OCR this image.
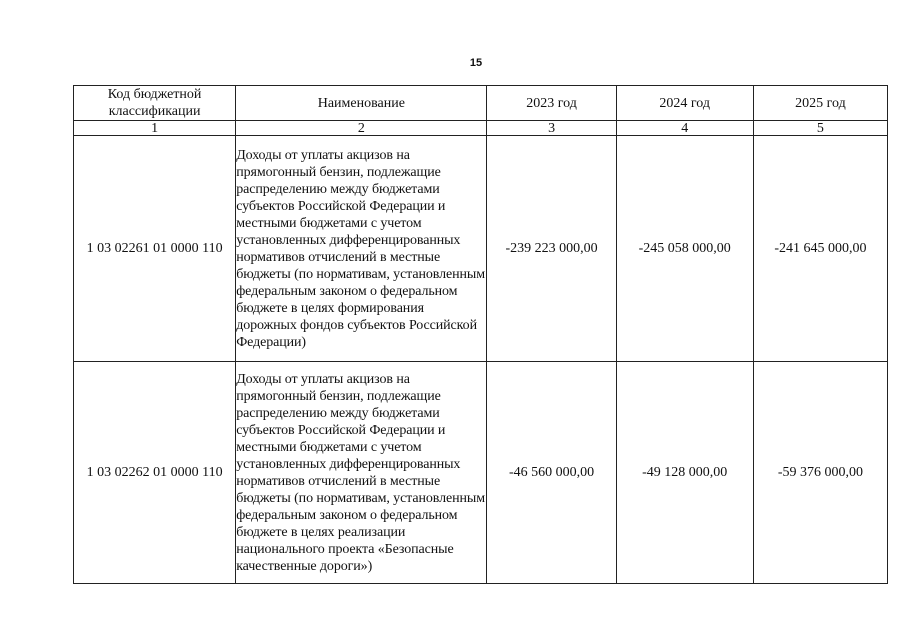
15
Код бюджетной классификации	Наименование	2023 год	2024 год	2025 год
1	2	3	4	5
1 03 02261 01 0000 110	Доходы от уплаты акцизов на прямогонный бензин, подлежащие распределению между бюджетами субъектов Российской Федерации и местными бюджетами с учетом установленных дифференцированных нормативов отчислений в местные бюджеты (по нормативам, установленным федеральным законом о федеральном бюджете в целях формирования дорожных фондов субъектов Российской Федерации)	-239 223 000,00	-245 058 000,00	-241 645 000,00
1 03 02262 01 0000 110	Доходы от уплаты акцизов на прямогонный бензин, подлежащие распределению между бюджетами субъектов Российской Федерации и местными бюджетами с учетом установленных дифференцированных нормативов отчислений в местные бюджеты (по нормативам, установленным федеральным законом о федеральном бюджете в целях реализации национального проекта «Безопасные качественные дороги»)	-46 560 000,00	-49 128 000,00	-59 376 000,00
